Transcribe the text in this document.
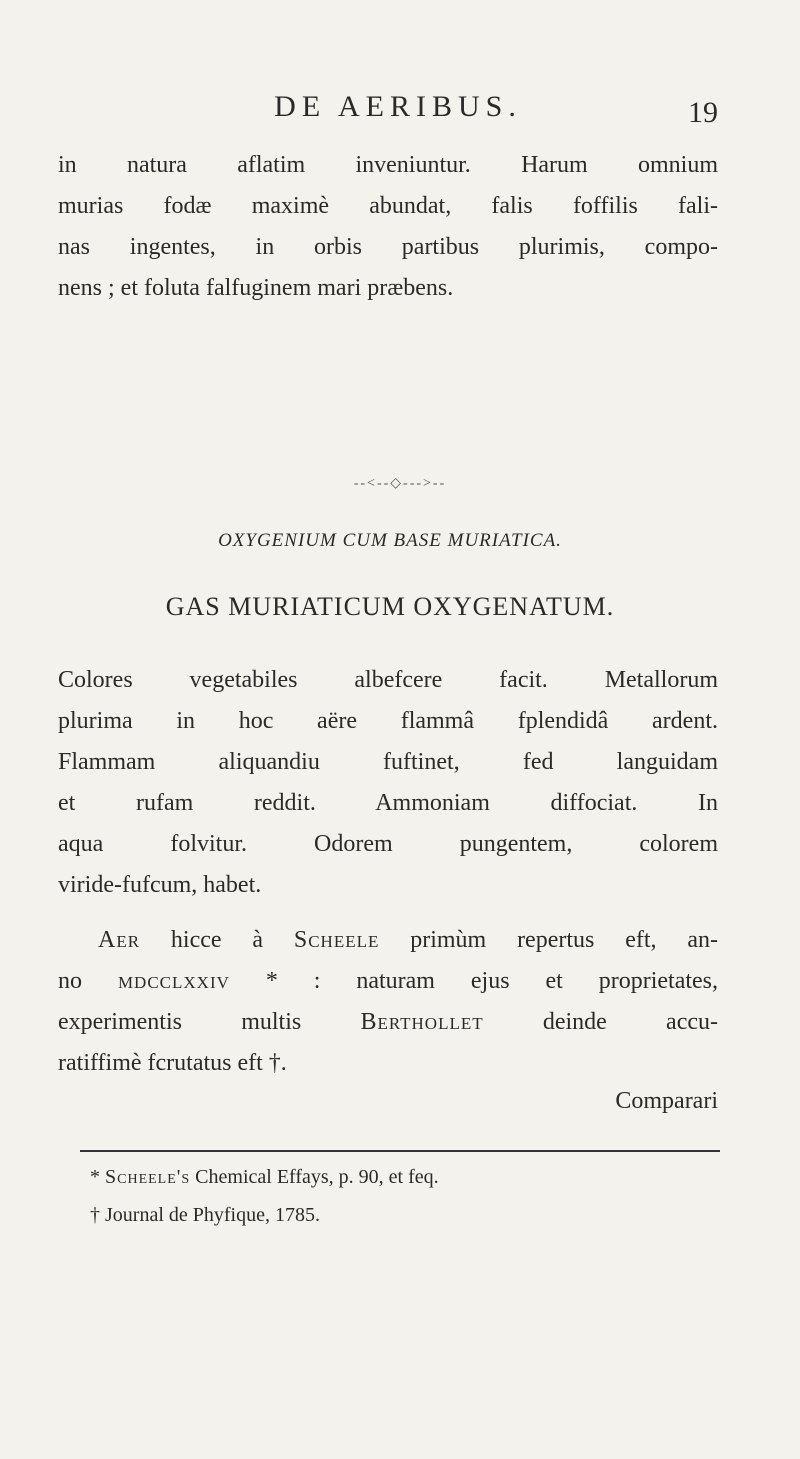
DE AERIBUS.	19

in natura aflatim inveniuntur. Harum omnium
murias fodæ maximè abundat, falis foffilis fali-
nas ingentes, in orbis partibus plurimis, compo-
nens ; et foluta falfuginem mari præbens.

--<--◇--->--
OXYGENIUM CUM BASE MURIATICA.
GAS MURIATICUM OXYGENATUM.

Colores vegetabiles albefcere facit. Metallorum
plurima in hoc aëre flammâ fplendidâ ardent.
Flammam aliquandiu fuftinet, fed languidam
et rufam reddit. Ammoniam diffociat. In
aqua folvitur. Odorem pungentem, colorem
viride-fufcum, habet.

Aer hicce à Scheele primùm repertus eft, an-
no mdcclxxiv * : naturam ejus et proprietates,
experimentis multis Berthollet deinde accu-
ratiffimè fcrutatus eft †.

Comparari
* Scheele's Chemical Effays, p. 90, et feq.
† Journal de Phyfique, 1785.
